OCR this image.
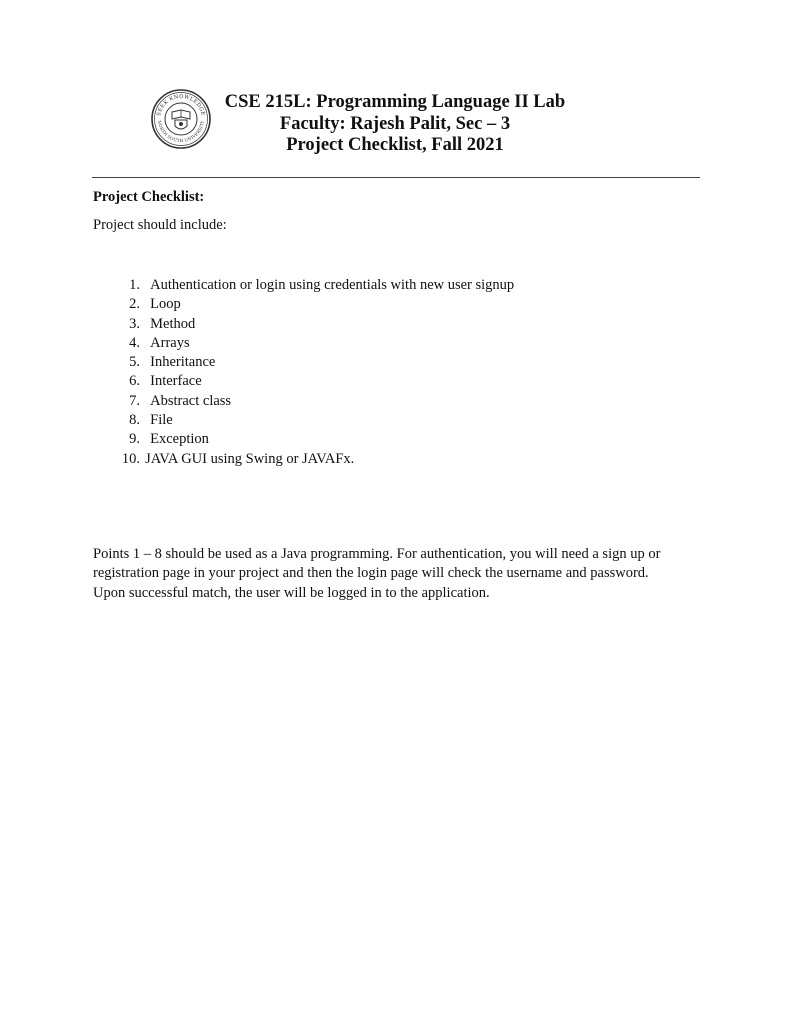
SEEK KNOWLEDGE
NORTH SOUTH UNIVERSITY
CSE 215L: Programming Language II Lab
Faculty: Rajesh Palit, Sec – 3
Project Checklist, Fall 2021
Project Checklist:
Project should include:
1. Authentication or login using credentials with new user signup
2. Loop
3. Method
4. Arrays
5. Inheritance
6. Interface
7. Abstract class
8. File
9. Exception
10. JAVA GUI using Swing or JAVAFx.
Points 1 – 8 should be used as a Java programming. For authentication, you will need a sign up or
registration page in your project and then the login page will check the username and password.
Upon successful match, the user will be logged in to the application.
